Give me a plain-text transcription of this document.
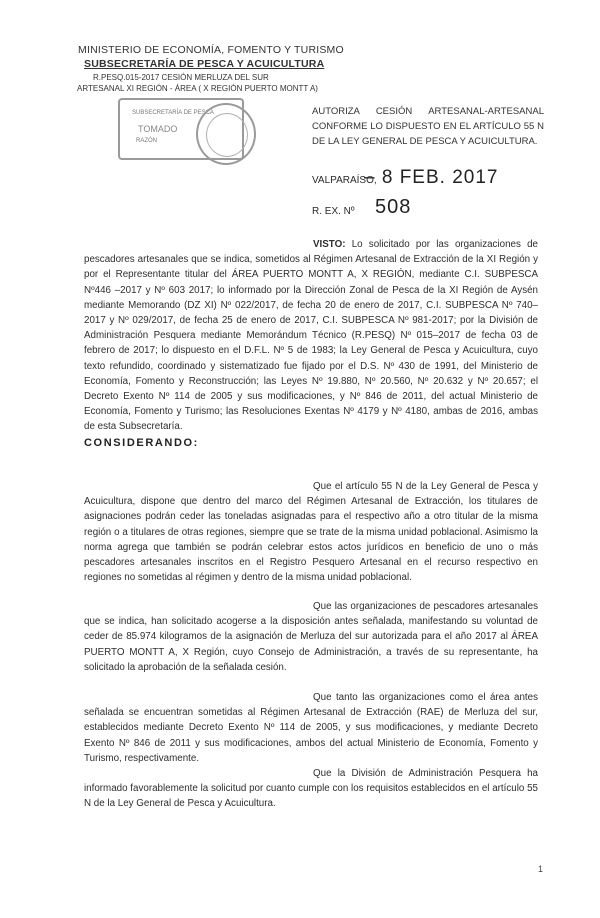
MINISTERIO DE ECONOMÍA, FOMENTO Y TURISMO
SUBSECRETARÍA DE PESCA Y ACUICULTURA
R.PESQ.015-2017 CESIÓN MERLUZA DEL SUR
ARTESANAL XI REGIÓN - ÁREA ( X REGIÓN PUERTO MONTT A)
SUBSECRETARÍA DE PESCA
TOMADO
RAZÓN
AUTORIZA CESIÓN ARTESANAL-ARTESANAL CONFORME LO DISPUESTO EN EL ARTÍCULO 55 N DE LA LEY GENERAL DE PESCA Y ACUICULTURA.
VALPARAÍSO,
– 8 FEB. 2017
R. EX. Nº 508
VISTO: Lo solicitado por las organizaciones de pescadores artesanales que se indica, sometidos al Régimen Artesanal de Extracción de la XI Región y por el Representante titular del ÁREA PUERTO MONTT A, X REGIÓN, mediante C.I. SUBPESCA Nº446 –2017 y Nº 603 2017; lo informado por la Dirección Zonal de Pesca de la XI Región de Aysén mediante Memorando (DZ XI) Nº 022/2017, de fecha 20 de enero de 2017, C.I. SUBPESCA Nº 740–2017 y Nº 029/2017, de fecha 25 de enero de 2017, C.I. SUBPESCA Nº 981-2017; por la División de Administración Pesquera mediante Memorándum Técnico (R.PESQ) Nº 015–2017 de fecha 03 de febrero de 2017; lo dispuesto en el D.F.L. Nº 5 de 1983; la Ley General de Pesca y Acuicultura, cuyo texto refundido, coordinado y sistematizado fue fijado por el D.S. Nº 430 de 1991, del Ministerio de Economía, Fomento y Reconstrucción; las Leyes Nº 19.880, Nº 20.560, Nº 20.632 y Nº 20.657; el Decreto Exento Nº 114 de 2005 y sus modificaciones, y Nº 846 de 2011, del actual Ministerio de Economía, Fomento y Turismo; las Resoluciones Exentas Nº 4179 y Nº 4180, ambas de 2016, ambas de esta Subsecretaría.
CONSIDERANDO:
Que el artículo 55 N de la Ley General de Pesca y Acuicultura, dispone que dentro del marco del Régimen Artesanal de Extracción, los titulares de asignaciones podrán ceder las toneladas asignadas para el respectivo año a otro titular de la misma región o a titulares de otras regiones, siempre que se trate de la misma unidad poblacional. Asimismo la norma agrega que también se podrán celebrar estos actos jurídicos en beneficio de uno o más pescadores artesanales inscritos en el Registro Pesquero Artesanal en el recurso respectivo en regiones no sometidas al régimen y dentro de la misma unidad poblacional.
Que las organizaciones de pescadores artesanales que se indica, han solicitado acogerse a la disposición antes señalada, manifestando su voluntad de ceder de 85.974 kilogramos de la asignación de Merluza del sur autorizada para el año 2017 al ÁREA PUERTO MONTT A, X Región, cuyo Consejo de Administración, a través de su representante, ha solicitado la aprobación de la señalada cesión.
Que tanto las organizaciones como el área antes señalada se encuentran sometidas al Régimen Artesanal de Extracción (RAE) de Merluza del sur, establecidos mediante Decreto Exento Nº 114 de 2005, y sus modificaciones, y mediante Decreto Exento Nº 846 de 2011 y sus modificaciones, ambos del actual Ministerio de Economía, Fomento y Turismo, respectivamente.
Que la División de Administración Pesquera ha informado favorablemente la solicitud por cuanto cumple con los requisitos establecidos en el artículo 55 N de la Ley General de Pesca y Acuicultura.
1
